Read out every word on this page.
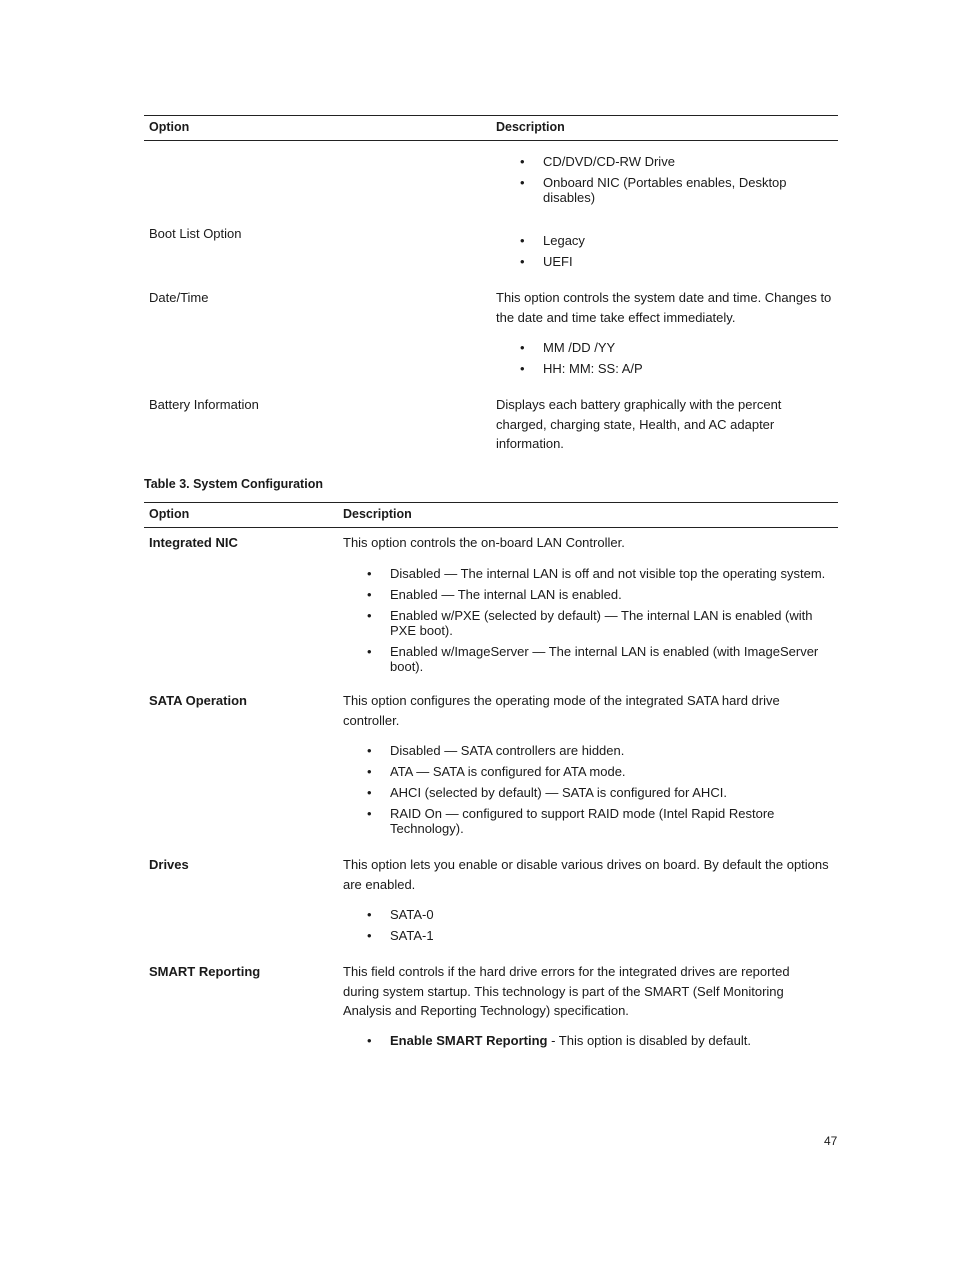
Option	Description
• CD/DVD/CD-RW Drive
• Onboard NIC (Portables enables, Desktop disables)
Boot List Option
•	Legacy
• UEFI
Date/Time	This option controls the system date and time. Changes to the date and time take effect immediately.
• MM /DD /YY
• HH: MM: SS: A/P
Battery Information	Displays each battery graphically with the percent charged, charging state, Health, and AC adapter information.
Table 3. System Configuration
Option	Description
Integrated NIC	This option controls the on-board LAN Controller.
• Disabled — The internal LAN is off and not visible top the operating system.
• Enabled — The internal LAN is enabled.
• Enabled w/PXE (selected by default) — The internal LAN is enabled (with PXE boot).
• Enabled w/ImageServer — The internal LAN is enabled (with ImageServer boot).
SATA Operation	This option configures the operating mode of the integrated SATA hard drive controller.
• Disabled — SATA controllers are hidden.
• ATA — SATA is configured for ATA mode.
• AHCI (selected by default) — SATA is configured for AHCI.
• RAID On — configured to support RAID mode (Intel Rapid Restore Technology).
Drives	This option lets you enable or disable various drives on board. By default the options are enabled.
• SATA-0
• SATA-1
SMART Reporting	This field controls if the hard drive errors for the integrated drives are reported during system startup. This technology is part of the SMART (Self Monitoring Analysis and Reporting Technology) specification.
• Enable SMART Reporting - This option is disabled by default.
47
